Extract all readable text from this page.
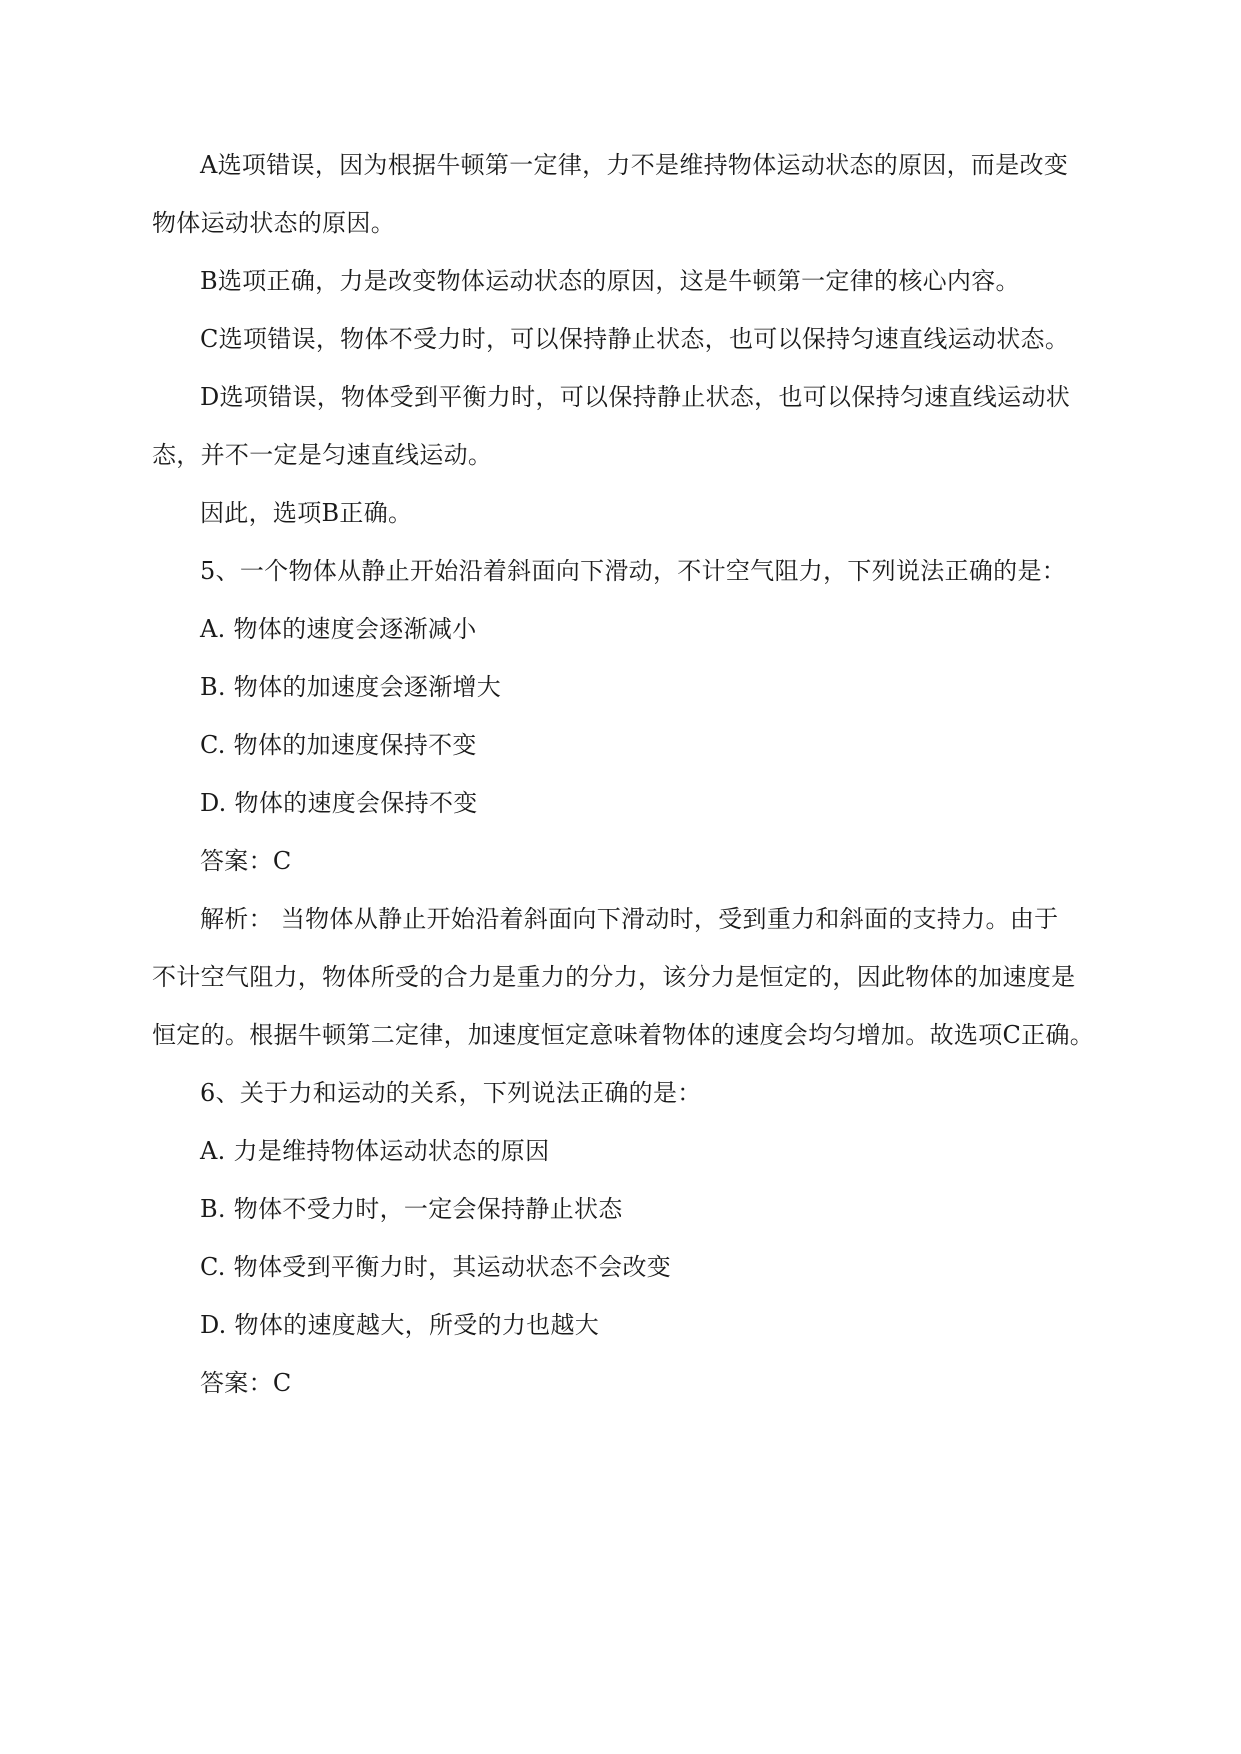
A选项错误，因为根据牛顿第一定律，力不是维持物体运动状态的原因，而是改变
物体运动状态的原因。
B选项正确，力是改变物体运动状态的原因，这是牛顿第一定律的核心内容。
C选项错误，物体不受力时，可以保持静止状态，也可以保持匀速直线运动状态。
D选项错误，物体受到平衡力时，可以保持静止状态，也可以保持匀速直线运动状
态，并不一定是匀速直线运动。
因此，选项B正确。
5、一个物体从静止开始沿着斜面向下滑动，不计空气阻力，下列说法正确的是：
A. 物体的速度会逐渐减小
B. 物体的加速度会逐渐增大
C. 物体的加速度保持不变
D. 物体的速度会保持不变
答案：C
解析： 当物体从静止开始沿着斜面向下滑动时，受到重力和斜面的支持力。由于
不计空气阻力，物体所受的合力是重力的分力，该分力是恒定的，因此物体的加速度是
恒定的。根据牛顿第二定律，加速度恒定意味着物体的速度会均匀增加。故选项C正确。
6、关于力和运动的关系，下列说法正确的是：
A. 力是维持物体运动状态的原因
B. 物体不受力时，一定会保持静止状态
C. 物体受到平衡力时，其运动状态不会改变
D. 物体的速度越大，所受的力也越大
答案：C
